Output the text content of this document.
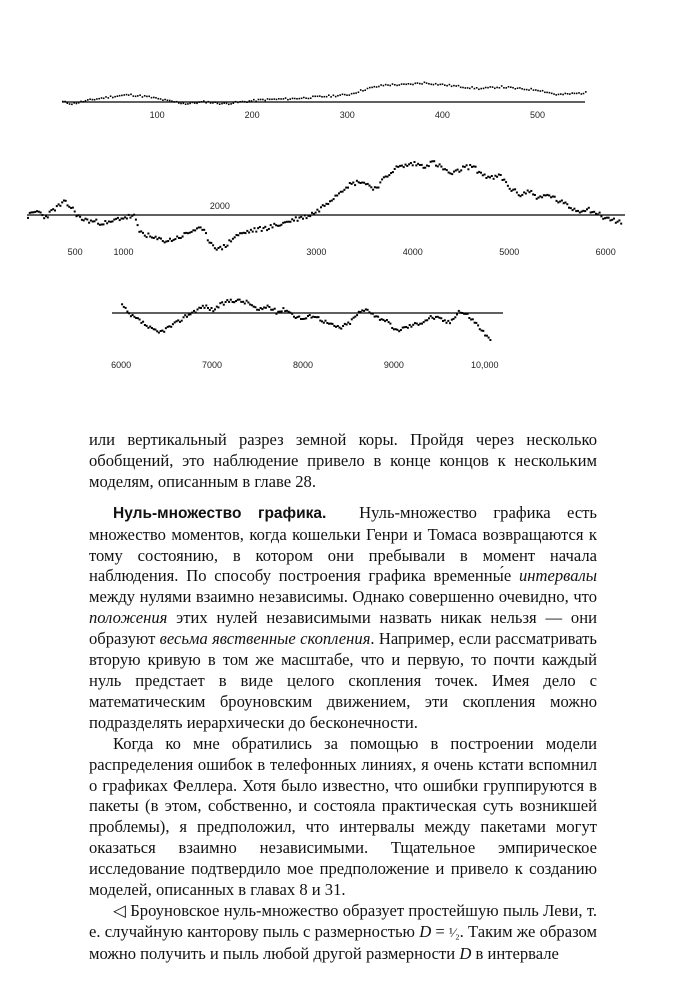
100	200	300	400	500
500	1000	3000	4000	5000	6000
2000
6000	7000	8000	9000	10,000

или вертикальный разрез земной коры. Пройдя через несколько обобщений, это наблюдение привело в конце концов к нескольким моделям, описанным в главе 28.

Нуль-множество графика. Нуль-множество графика есть множество моментов, когда кошельки Генри и Томаса возвращаются к тому состоянию, в котором они пребывали в момент начала наблюдения. По способу построения графика временны́е интервалы между нулями взаимно независимы. Однако совершенно очевидно, что положения этих нулей независимыми назвать никак нельзя — они образуют весьма явственные скопления. Например, если рассматривать вторую кривую в том же масштабе, что и первую, то почти каждый нуль предстает в виде целого скопления точек. Имея дело с математическим броуновским движением, эти скопления можно подразделять иерархически до бесконечности.

Когда ко мне обратились за помощью в построении модели распределения ошибок в телефонных линиях, я очень кстати вспомнил о графиках Феллера. Хотя было известно, что ошибки группируются в пакеты (в этом, собственно, и состояла практическая суть возникшей проблемы), я предположил, что интервалы между пакетами могут оказаться взаимно независимыми. Тщательное эмпирическое исследование подтвердило мое предположение и привело к созданию моделей, описанных в главах 8 и 31.

◁ Броуновское нуль-множество образует простейшую пыль Леви, т. е. случайную канторову пыль с размерностью D = ¹⁄₂. Таким же образом можно получить и пыль любой другой размерности D в интервале
